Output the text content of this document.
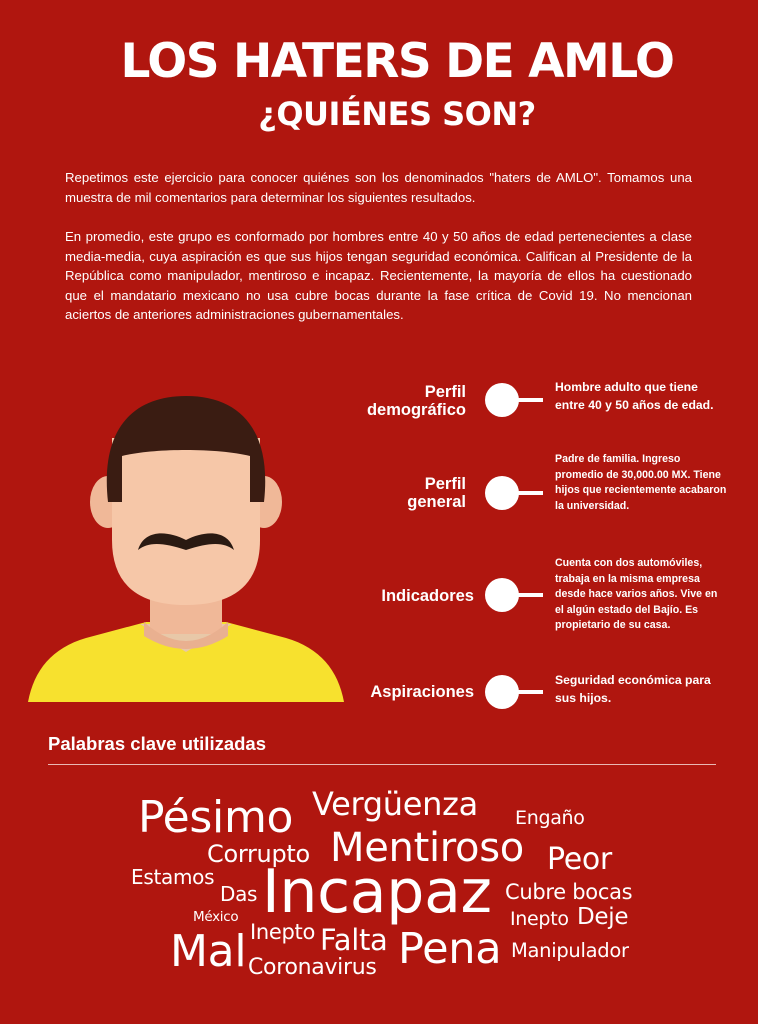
LOS HATERS DE AMLO
¿QUIÉNES SON?

Repetimos este ejercicio para conocer quiénes son los denominados "haters de AMLO". Tomamos una muestra de mil comentarios para determinar los siguientes resultados.

En promedio, este grupo es conformado por hombres entre 40 y 50 años de edad pertenecientes a clase media-media, cuya aspiración es que sus hijos tengan seguridad económica. Califican al Presidente de la República como manipulador, mentiroso e incapaz. Recientemente, la mayoría de ellos ha cuestionado que el mandatario mexicano no usa cubre bocas durante la fase crítica de Covid 19. No mencionan aciertos de anteriores administraciones gubernamentales.

Perfil
demográfico
Hombre adulto que tiene entre 40 y 50 años de edad.
Perfil
general
Padre de familia. Ingreso promedio de 30,000.00 MX. Tiene hijos que recientemente acabaron la universidad.
Indicadores
Cuenta con dos automóviles, trabaja en la misma empresa desde hace varios años. Vive en el algún estado del Bajío. Es propietario de su casa.
Aspiraciones
Seguridad económica para sus hijos.
Palabras clave utilizadas
Pésimo Vergüenza Engaño
Corrupto Mentiroso Peor
Estamos
Das Incapaz Cubre bocas
México	Inepto Deje
Inepto Falta
Mal	Pena Manipulador
Coronavirus
